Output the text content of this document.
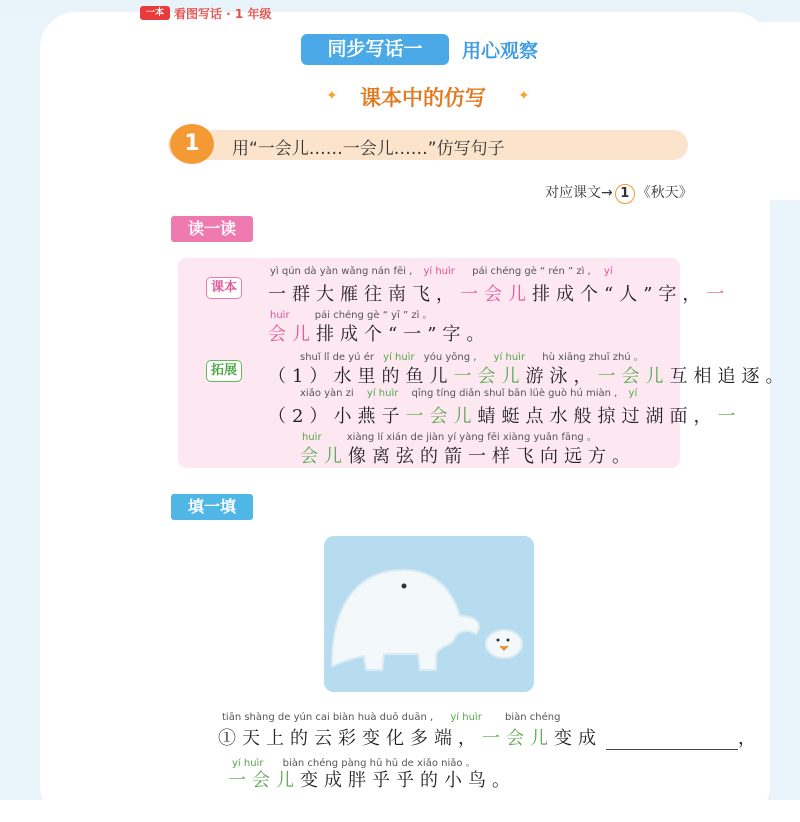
一本 看图写话 · 1 年级
同步写话一	用心观察
✦ 课本中的仿写 ✦
1	用“一会儿……一会儿……”仿写句子
对应课文→ 1 《秋天》
读一读
课本
yì qún dà yàn wǎng nán fēi , yí huìr pái chéng gè “ rén ” zì , yí
一群大雁往南飞，一会儿排成个“人”字，一
huìr	pái chéng gè “ yī ” zì 。
会儿排成个“一”字。
拓展
shuǐ lǐ de yú ér yí huìr yóu yǒng , yí huìr hù xiāng zhuī zhú 。
（1）水里的鱼儿一会儿游泳，一会儿互相追逐。
xiǎo yàn zi yí huìr qīng tíng diǎn shuǐ bān lüè guò hú miàn , yí
（2）小燕子一会儿蜻蜓点水般掠过湖面，一
huìr	xiàng lí xián de jiàn yí yàng fēi xiàng yuǎn fāng 。
会儿像离弦的箭一样飞向远方。
填一填
tiān shàng de yún cai biàn huà duō duān , yí huìr biàn chéng
①天上的云彩变化多端，一会儿变成	，
yí huìr biàn chéng pàng hū hū de xiǎo niǎo 。
一会儿变成胖乎乎的小鸟。
